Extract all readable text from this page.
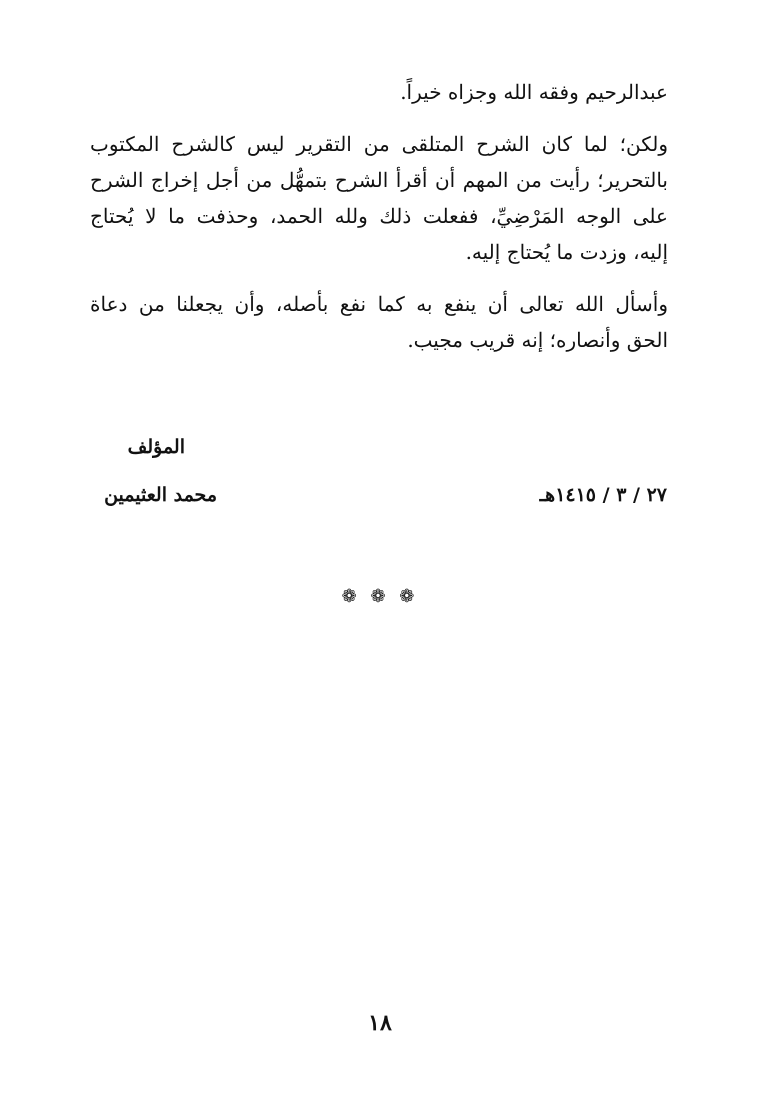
عبدالرحيم وفقه الله وجزاه خيراً.
ولكن؛ لما كان الشرح المتلقى من التقرير ليس كالشرح المكتوب
بالتحرير؛ رأيت من المهم أن أقرأ الشرح بتمهُّل من أجل إخراج الشرح
على الوجه المَرْضِيِّ، ففعلت ذلك ولله الحمد، وحذفت ما لا يُحتاج
إليه، وزدت ما يُحتاج إليه.
وأسأل الله تعالى أن ينفع به كما نفع بأصله، وأن يجعلنا من دعاة
الحق وأنصاره؛ إنه قريب مجيب.
المؤلف
محمد العثيمين	٢٧ / ٣ / ١٤١٥هـ
❁ ❁ ❁
١٨
